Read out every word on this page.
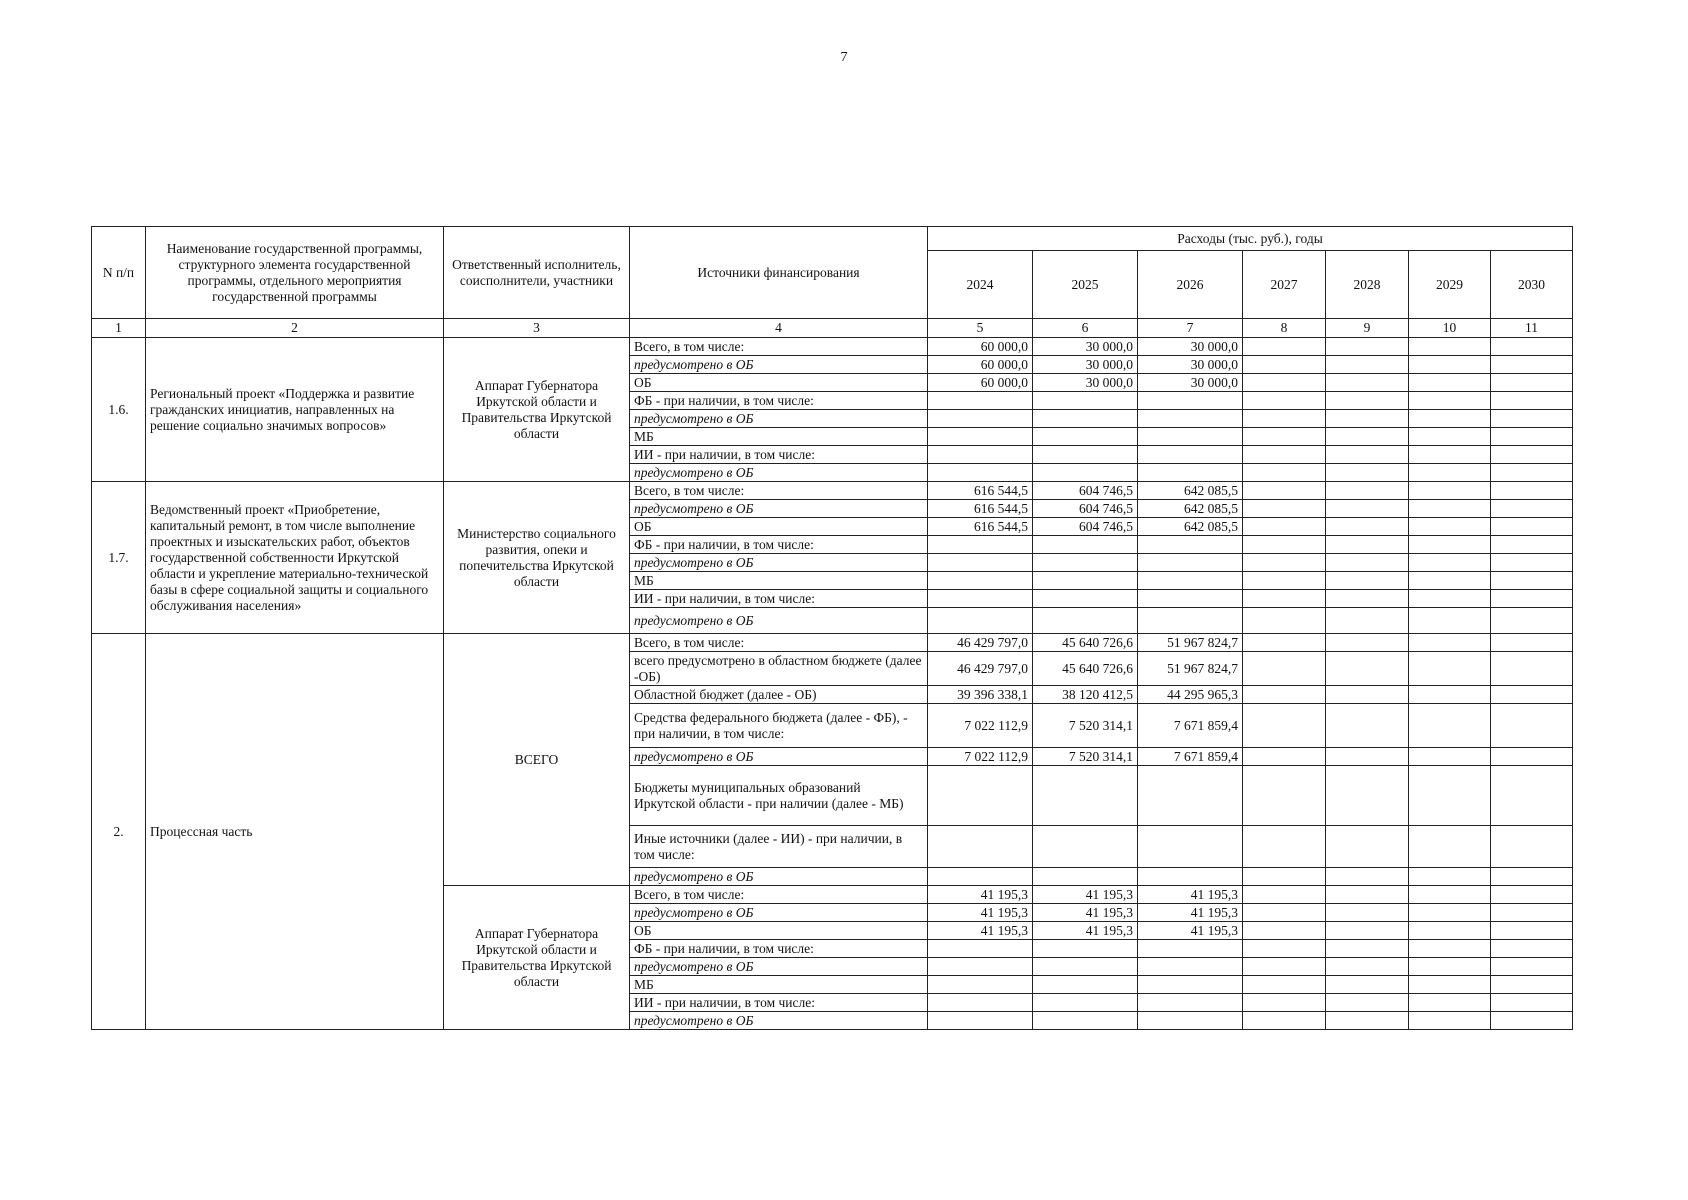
7
N п/п	Наименование государственной программы, структурного элемента государственной программы, отдельного мероприятия государственной программы	Ответственный исполнитель, соисполнители, участники	Источники финансирования	Расходы (тыс. руб.), годы						
				2024	2025	2026	2027	2028	2029	2030
1	2	3	4	5	6	7	8	9	10	11
1.6.	Региональный проект «Поддержка и развитие гражданских инициатив, направленных на решение социально значимых вопросов»	Аппарат Губернатора Иркутской области и Правительства Иркутской области	Всего, в том числе:	60 000,0	30 000,0	30 000,0				
			предусмотрено в ОБ	60 000,0	30 000,0	30 000,0				
			ОБ	60 000,0	30 000,0	30 000,0				
			ФБ - при наличии, в том числе:							
			предусмотрено в ОБ							
			МБ							
			ИИ - при наличии, в том числе:							
			предусмотрено в ОБ							
1.7.	Ведомственный проект «Приобретение, капитальный ремонт, в том числе выполнение проектных и изыскательских работ, объектов государственной собственности Иркутской области и укрепление материально-технической базы в сфере социальной защиты и социального обслуживания населения»	Министерство социального развития, опеки и попечительства Иркутской области	Всего, в том числе:	616 544,5	604 746,5	642 085,5				
			предусмотрено в ОБ	616 544,5	604 746,5	642 085,5				
			ОБ	616 544,5	604 746,5	642 085,5				
			ФБ - при наличии, в том числе:							
			предусмотрено в ОБ							
			МБ							
			ИИ - при наличии, в том числе:							
			предусмотрено в ОБ							
2.	Процессная часть	ВСЕГО	Всего, в том числе:	46 429 797,0	45 640 726,6	51 967 824,7				
			всего предусмотрено в областном бюджете (далее -ОБ)	46 429 797,0	45 640 726,6	51 967 824,7				
			Областной бюджет (далее - ОБ)	39 396 338,1	38 120 412,5	44 295 965,3				
			Средства федерального бюджета (далее - ФБ), - при наличии, в том числе:	7 022 112,9	7 520 314,1	7 671 859,4				
			предусмотрено в ОБ	7 022 112,9	7 520 314,1	7 671 859,4				
			Бюджеты муниципальных образований Иркутской области - при наличии (далее - МБ)							
			Иные источники (далее - ИИ) - при наличии, в том числе:							
			предусмотрено в ОБ							
		Аппарат Губернатора Иркутской области и Правительства Иркутской области	Всего, в том числе:	41 195,3	41 195,3	41 195,3				
			предусмотрено в ОБ	41 195,3	41 195,3	41 195,3				
			ОБ	41 195,3	41 195,3	41 195,3				
			ФБ - при наличии, в том числе:							
			предусмотрено в ОБ							
			МБ							
			ИИ - при наличии, в том числе:							
			предусмотрено в ОБ							
